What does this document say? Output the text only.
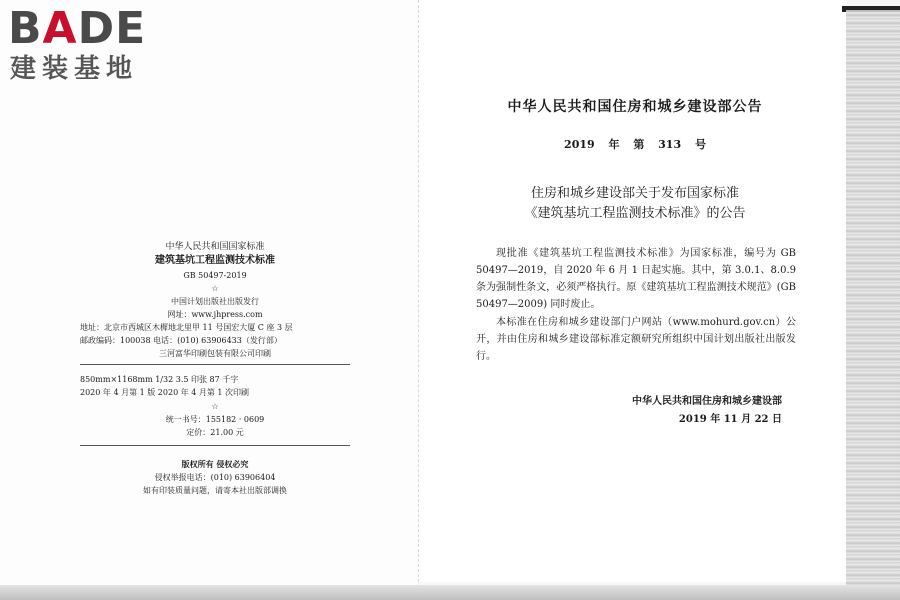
BADE
建装基地
中华人民共和国国家标准
建筑基坑工程监测技术标准
GB 50497-2019
☆
中国计划出版社出版发行
网址：www.jhpress.com
地址：北京市西城区木樨地北里甲 11 号国宏大厦 C 座 3 层
邮政编码：100038 电话：(010) 63906433（发行部）
三河富华印刷包装有限公司印刷
850mm×1168mm 1/32 3.5 印张 87 千字
2020 年 4 月第 1 版 2020 年 4 月第 1 次印刷
☆
统一书号：155182 · 0609
定价：21.00 元
版权所有 侵权必究
侵权举报电话：(010) 63906404
如有印装质量问题，请寄本社出版部调换
中华人民共和国住房和城乡建设部公告
2019 年 第 313 号
住房和城乡建设部关于发布国家标准
《建筑基坑工程监测技术标准》的公告
现批准《建筑基坑工程监测技术标准》为国家标准，编号为 GB 50497—2019，自 2020 年 6 月 1 日起实施。其中，第 3.0.1、8.0.9 条为强制性条文，必须严格执行。原《建筑基坑工程监测技术规范》(GB 50497—2009) 同时废止。
本标准在住房和城乡建设部门户网站（www.mohurd.gov.cn）公开，并由住房和城乡建设部标准定额研究所组织中国计划出版社出版发行。
中华人民共和国住房和城乡建设部
2019 年 11 月 22 日
